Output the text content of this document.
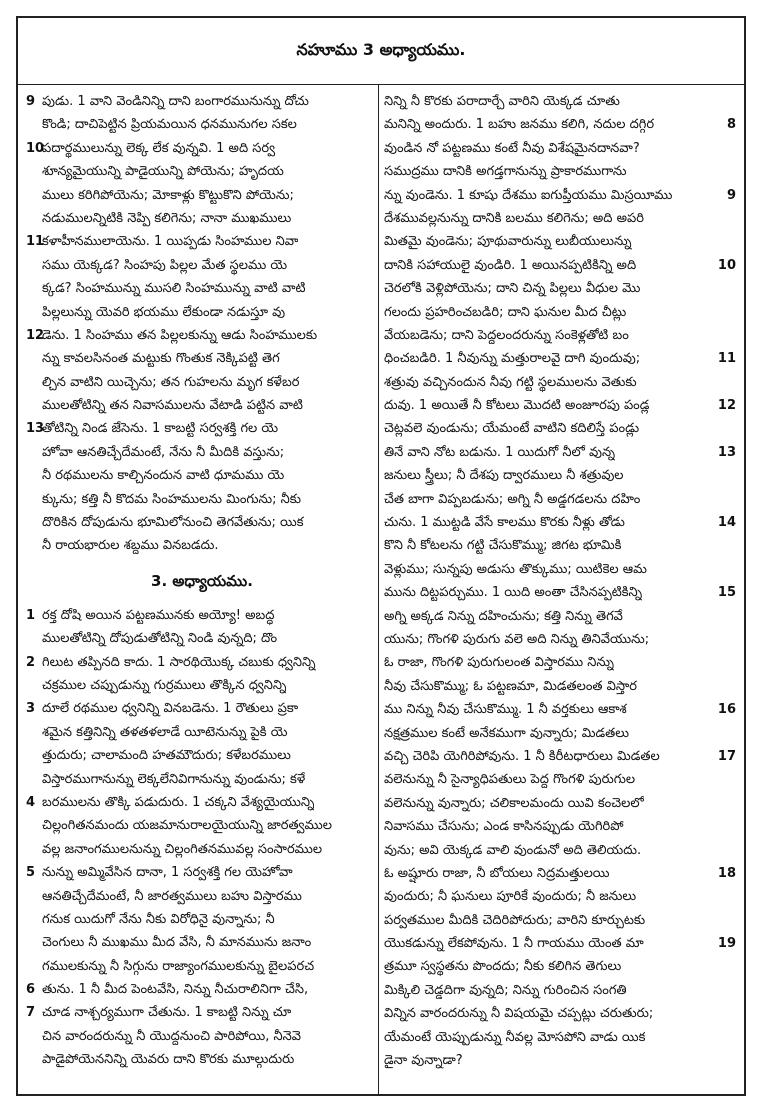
నహూము 3 అధ్యాయము.
9 పుడు. 1 వాని వెండినిన్ని దాని బంగారమునున్ను దోచు
కొండి; దాచిపెట్టిన ప్రియమయిన ధనమునుగల సకల
10
పదార్థములున్ను లెక్క లేక వున్నవి. 1 అది సర్వ
శూన్యమైయున్ని పాడైయున్ని పోయెను; హృదయ
ములు కరిగిపోయెను; మోకాళ్లు కొట్టుకొని పోయెను;
నడుములన్నిటికి నెప్పి కలిగెను; నానా ముఖములు
11
కళాహీనములాయెను. 1 యిప్పడు సింహముల నివా
సము యెక్కడ? సింహపు పిల్లల మేత స్థలము యె
క్కడ? సింహమున్ను ముసలి సింహమున్ను వాటి వాటి
పిల్లలున్ను యెవరి భయము లేకుండా నడుస్తూ వు
12
డెను. 1 సింహము తన పిల్లలకున్ను ఆడు సింహములకు
న్ను కావలసినంత మట్టుకు గొంతుక నెక్కిపట్టి తెగ
ల్చిన వాటిని యిచ్చెను; తన గుహలను మృగ కళేబర
ములతోటిన్ని తన నివాసములను వేటాడి పట్టిన వాటి
13
తోటిన్ని నిండ జేసెను. 1 కాబట్టి సర్వశక్తి గల యె
హోవా ఆనతిచ్చేదేమంటే, నేను నీ మీదికి వస్తును;
నీ రథములను కాల్చినందున వాటి ధూమము యె
క్కును; కత్తి నీ కొదమ సింహములను మింగును; నీకు
దొరికిన దోపుడును భూమిలోనుంచి తెగవేతును; యిక
నీ రాయభారుల శబ్దము వినబడదు.
3. అధ్యాయము.
1 రక్త దోషి అయిన పట్టణమునకు అయ్యో! అబద్ధ
ములతోటిన్ని దోపుడుతోటిన్ని నిండి వున్నది; దొం
2 గిలుట తప్పినది కాదు. 1 సారథియొక్క చబుకు ధ్వనిన్ని
చక్రముల చప్పుడున్ను గుర్రములు తొక్కిన ధ్వనిన్ని
3 దూలే రథముల ధ్వనిన్ని వినబడెను. 1 రౌతులు ప్రకా
శమైన కత్తినిన్ని తళతళలాడే యీటెనున్ను పైకి యె
త్తుదురు; చాలామంది హతమౌదురు; కళేబరములు
విస్తారముగానున్ను లెక్కలేనివిగానున్ను వుండును; కళే
4 బరములను తొక్కి పడుదురు. 1 చక్కని వేశ్యయైయున్ని
చిల్లంగితనమందు యజమానురాలయైయున్ని జారత్వముల
వల్ల జనాంగములనున్ను చిల్లంగితనమువల్ల సంసారముల
5 నున్ను అమ్మివేసిన దానా, 1 సర్వశక్తి గల యెహోవా
ఆనతిచ్చేదేమంటే, నీ జారత్వములు బహు విస్తారము
గనుక యిదుగో నేను నీకు విరోధినై వున్నాను; నీ
చెంగులు నీ ముఖము మీద వేసి, నీ మానమును జనాం
గములకున్ను నీ సిగ్గును రాజ్యాంగములకున్ను బైలపరచ
6 తును. 1 నీ మీద పెంటవేసి, నిన్ను నీచురాలినిగా చేసి,
7 చూడ నాశ్చర్యముగా చేతును. 1 కాబట్టి నిన్ను చూ
చిన వారందరున్ను నీ యొద్దనుంచి పారిపోయి, నీనెవె
పాడైపోయెననిన్ని యెవరు దాని కొరకు మూల్గుదురు
నిన్ని నీ కొరకు పరాదార్చే వారిని యెక్కడ చూతు
8
మనిన్ని అందురు. 1 బహు జనము కలిగి, నదుల దగ్గిర
వుండిన నో పట్టణము కంటే నీవు విశేషమైనదానవా?
సముద్రము దానికి అగడ్తగానున్ను ప్రాకారముగాను
9
న్ను వుండెను. 1 కూషు దేశము ఐగుప్తీయము మిస్రయీము
దేశమువల్లనున్ను దానికి బలము కలిగెను; అది అపరి
మితమై వుండెను; పూథువారున్ను లుబీయులున్ను
10
దానికి సహాయులై వుండిరి. 1 అయినప్పటికిన్ని అది
చెరలోకి వెళ్లిపోయెను; దాని చిన్న పిల్లలు వీధుల మొ
గలందు ప్రహరించబడిరి; దాని ఘనుల మీద చీట్లు
వేయబడెను; దాని పెద్దలందరున్ను సంకెళ్లతోటి బం
11
ధించబడిరి. 1 నీవున్ను మత్తురాలవై దాగి వుందువు;
శత్రువు వచ్చినందున నీవు గట్టి స్థలములను వెతుకు
12
దువు. 1 అయితే నీ కోటలు మొదటి అంజూరపు పండ్ల
చెట్లవలె వుండును; యేమంటే వాటిని కదిలిస్తే పండ్లు
13
తినే వాని నోట బడును. 1 యిదుగో నీలో వున్న
జనులు స్త్రీలు; నీ దేశపు ద్వారములు నీ శత్రువుల
చేత బాగా విప్పబడును; అగ్ని నీ అడ్డగడలను దహిం
14
చును. 1 ముట్టడి వేసే కాలము కొరకు నీళ్లు తోడు
కొని నీ కోటలను గట్టి చేసుకొమ్ము; జిగట భూమికి
వెళ్లుము; సున్నపు అడుసు తొక్కుము; యిటికెల ఆమ
15
మును దిట్టపర్చుము. 1 యిది అంతా చేసినప్పటికిన్ని
అగ్ని అక్కడ నిన్ను దహించును; కత్తి నిన్ను తెగవే
యును; గొంగళి పురుగు వలె అది నిన్ను తినివేయును;
ఓ రాజా, గొంగళి పురుగులంత విస్తారము నిన్ను
నీవు చేసుకొమ్ము; ఓ పట్టణమా, మిడతలంత విస్తార
16
ము నిన్ను నీవు చేసుకొమ్ము. 1 నీ వర్తకులు ఆకాశ
నక్షత్రముల కంటే అనేకముగా వున్నారు; మిడతలు
17
వచ్చి చెరిపి యెగిరిపోవును. 1 నీ కిరీటధారులు మిడతల
వలెనున్ను నీ సైన్యాధిపతులు పెద్ద గొంగళి పురుగుల
వలెనున్ను వున్నారు; చలికాలమందు యివి కంచెలలో
నివాసము చేసును; ఎండ కాసినప్పుడు యెగిరిపో
వును; అవి యెక్కడ వాలి వుండునో అది తెలియదు.
18
ఓ అష్షూరు రాజా, నీ బోయలు నిద్రమత్తులయి
వుందురు; నీ ఘనులు పూరికే వుందురు; నీ జనులు
పర్వతముల మీదికి చెదిరిపోదురు; వారిని కూర్చుటకు
19
యొకడున్ను లేకపోవును. 1 నీ గాయము యెంత మా
త్రమూ స్వస్థతను పొందదు; నీకు కలిగిన తెగులు
మిక్కిలి చెడ్డదిగా వున్నది; నిన్ను గురించిన సంగతి
విన్నిన వారందరున్ను నీ విషయమై చప్పట్లు చరుతురు;
యేమంటే యెప్పుడున్ను నీవల్ల మోసపోని వాడు యిక
డైనా వున్నాడా?
